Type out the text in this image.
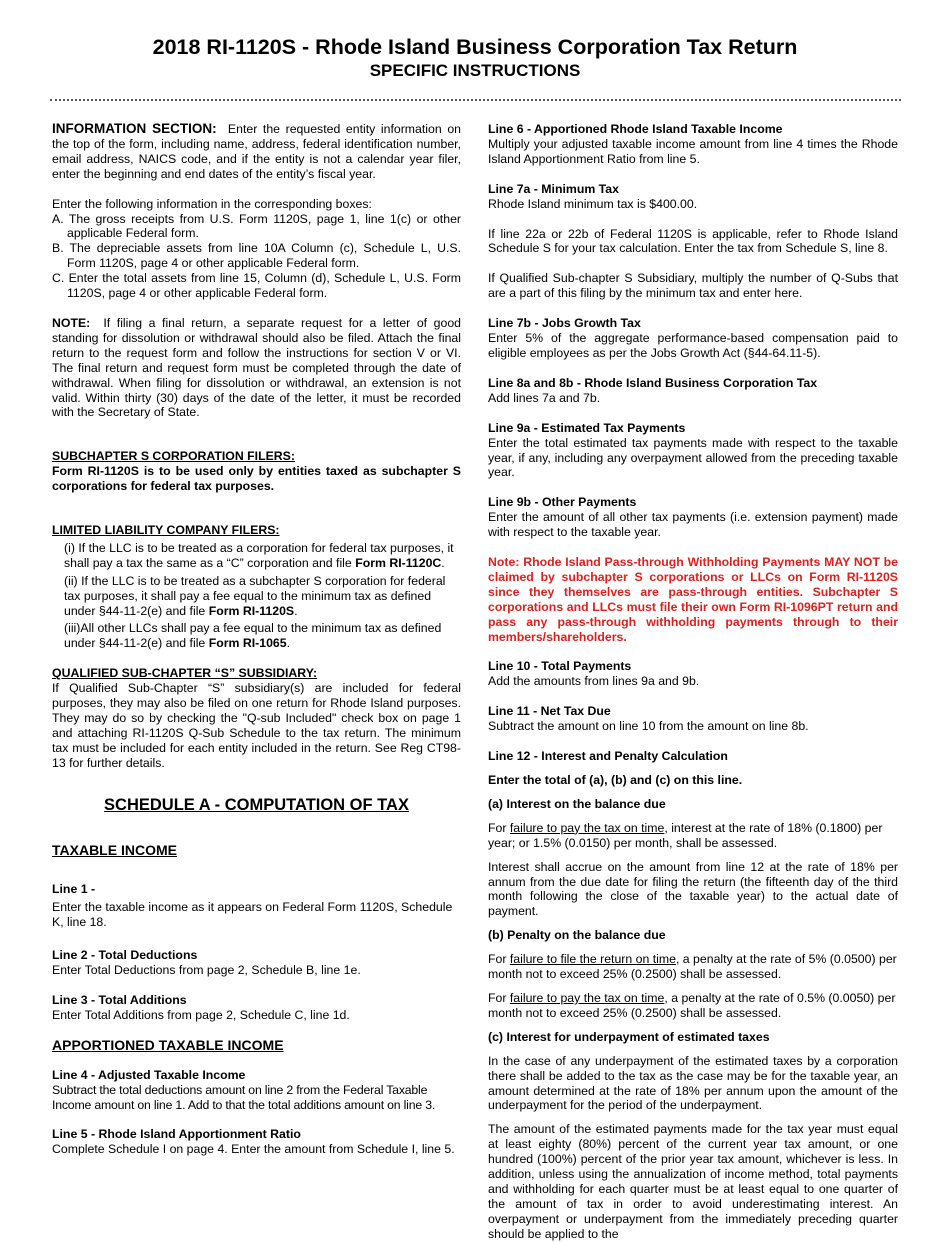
2018 RI-1120S - Rhode Island Business Corporation Tax Return
SPECIFIC INSTRUCTIONS

INFORMATION SECTION: Enter the requested entity information on the top of the form, including name, address, federal identification number, email address, NAICS code, and if the entity is not a calendar year filer, enter the beginning and end dates of the entity’s fiscal year.

Enter the following information in the corresponding boxes:

A. The gross receipts from U.S. Form 1120S, page 1, line 1(c) or other applicable Federal form.
B. The depreciable assets from line 10A Column (c), Schedule L, U.S. Form 1120S, page 4 or other applicable Federal form.
C. Enter the total assets from line 15, Column (d), Schedule L, U.S. Form 1120S, page 4 or other applicable Federal form.

NOTE: If filing a final return, a separate request for a letter of good standing for dissolution or withdrawal should also be filed. Attach the final return to the request form and follow the instructions for section V or VI. The final return and request form must be completed through the date of withdrawal. When filing for dissolution or withdrawal, an extension is not valid. Within thirty (30) days of the date of the letter, it must be recorded with the Secretary of State.

SUBCHAPTER S CORPORATION FILERS:

Form RI-1120S is to be used only by entities taxed as subchapter S corporations for federal tax purposes.

LIMITED LIABILITY COMPANY FILERS:

(i) If the LLC is to be treated as a corporation for federal tax purposes, it shall pay a tax the same as a “C” corporation and file Form RI-1120C.
(ii) If the LLC is to be treated as a subchapter S corporation for federal tax purposes, it shall pay a fee equal to the minimum tax as defined under §44-11-2(e) and file Form RI-1120S.
(iii)All other LLCs shall pay a fee equal to the minimum tax as defined under §44-11-2(e) and file Form RI-1065.

QUALIFIED SUB-CHAPTER “S” SUBSIDIARY:

If Qualified Sub-Chapter “S” subsidiary(s) are included for federal purposes, they may also be filed on one return for Rhode Island purposes. They may do so by checking the "Q-sub Included" check box on page 1 and attaching RI-1120S Q-Sub Schedule to the tax return. The minimum tax must be included for each entity included in the return. See Reg CT98-13 for further details.

SCHEDULE A - COMPUTATION OF TAX

TAXABLE INCOME

Line 1 -

Enter the taxable income as it appears on Federal Form 1120S, Schedule K, line 18.

Line 2 - Total Deductions

Enter Total Deductions from page 2, Schedule B, line 1e.

Line 3 - Total Additions

Enter Total Additions from page 2, Schedule C, line 1d.

APPORTIONED TAXABLE INCOME

Line 4 - Adjusted Taxable Income

Subtract the total deductions amount on line 2 from the Federal Taxable Income amount on line 1. Add to that the total additions amount on line 3.

Line 5 - Rhode Island Apportionment Ratio

Complete Schedule I on page 4. Enter the amount from Schedule I, line 5.

Line 6 - Apportioned Rhode Island Taxable Income

Multiply your adjusted taxable income amount from line 4 times the Rhode Island Apportionment Ratio from line 5.

Line 7a - Minimum Tax

Rhode Island minimum tax is $400.00.

If line 22a or 22b of Federal 1120S is applicable, refer to Rhode Island Schedule S for your tax calculation. Enter the tax from Schedule S, line 8.

If Qualified Sub-chapter S Subsidiary, multiply the number of Q-Subs that are a part of this filing by the minimum tax and enter here.

Line 7b - Jobs Growth Tax

Enter 5% of the aggregate performance-based compensation paid to eligible employees as per the Jobs Growth Act (§44-64.11-5).

Line 8a and 8b - Rhode Island Business Corporation Tax

Add lines 7a and 7b.

Line 9a - Estimated Tax Payments

Enter the total estimated tax payments made with respect to the taxable year, if any, including any overpayment allowed from the preceding taxable year.

Line 9b - Other Payments

Enter the amount of all other tax payments (i.e. extension payment) made with respect to the taxable year.

Note: Rhode Island Pass-through Withholding Payments MAY NOT be claimed by subchapter S corporations or LLCs on Form RI-1120S since they themselves are pass-through entities. Subchapter S corporations and LLCs must file their own Form RI-1096PT return and pass any pass-through withholding payments through to their members/shareholders.

Line 10 - Total Payments

Add the amounts from lines 9a and 9b.

Line 11 - Net Tax Due

Subtract the amount on line 10 from the amount on line 8b.

Line 12 - Interest and Penalty Calculation

Enter the total of (a), (b) and (c) on this line.

(a) Interest on the balance due

For failure to pay the tax on time, interest at the rate of 18% (0.1800) per year; or 1.5% (0.0150) per month, shall be assessed.

Interest shall accrue on the amount from line 12 at the rate of 18% per annum from the due date for filing the return (the fifteenth day of the third month following the close of the taxable year) to the actual date of payment.

(b) Penalty on the balance due

For failure to file the return on time, a penalty at the rate of 5% (0.0500) per month not to exceed 25% (0.2500) shall be assessed.

For failure to pay the tax on time, a penalty at the rate of 0.5% (0.0050) per month not to exceed 25% (0.2500) shall be assessed.

(c) Interest for underpayment of estimated taxes

In the case of any underpayment of the estimated taxes by a corporation there shall be added to the tax as the case may be for the taxable year, an amount determined at the rate of 18% per annum upon the amount of the underpayment for the period of the underpayment.

The amount of the estimated payments made for the tax year must equal at least eighty (80%) percent of the current year tax amount, or one hundred (100%) percent of the prior year tax amount, whichever is less. In addition, unless using the annualization of income method, total payments and withholding for each quarter must be at least equal to one quarter of the amount of tax in order to avoid underestimating interest. An overpayment or underpayment from the immediately preceding quarter should be applied to the
